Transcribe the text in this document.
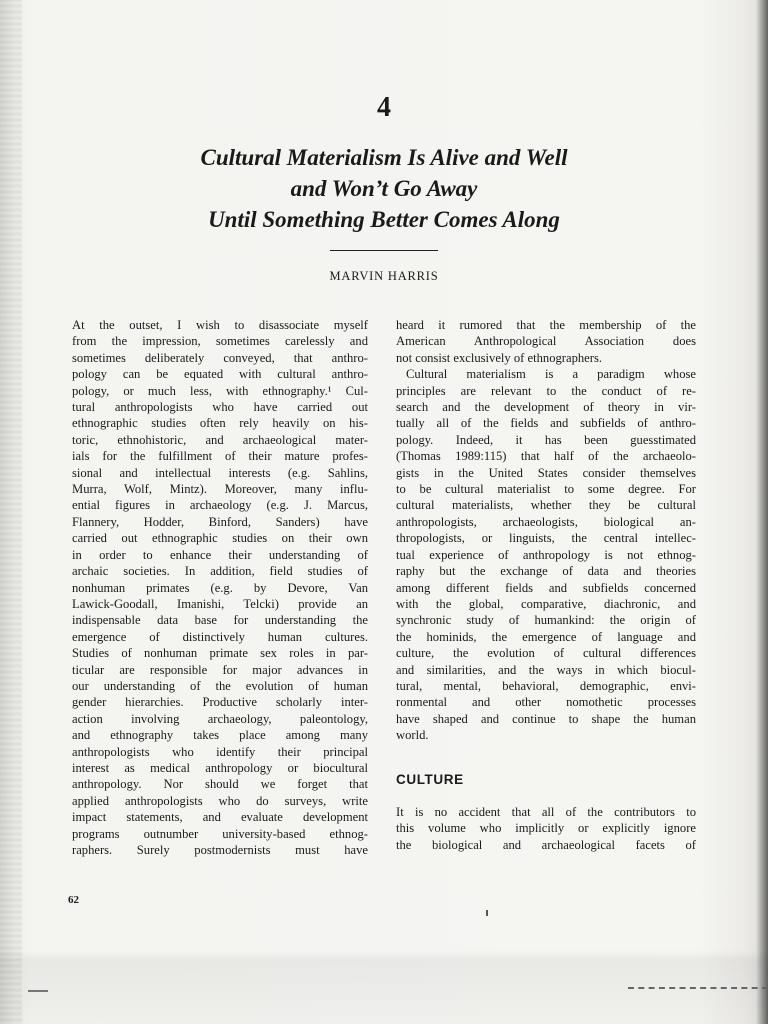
4
Cultural Materialism Is Alive and Well
and Won’t Go Away
Until Something Better Comes Along
MARVIN HARRIS
At the outset, I wish to disassociate myself
from the impression, sometimes carelessly and
sometimes deliberately conveyed, that anthro-
pology can be equated with cultural anthro-
pology, or much less, with ethnography.¹ Cul-
tural anthropologists who have carried out
ethnographic studies often rely heavily on his-
toric, ethnohistoric, and archaeological mater-
ials for the fulfillment of their mature profes-
sional and intellectual interests (e.g. Sahlins,
Murra, Wolf, Mintz). Moreover, many influ-
ential figures in archaeology (e.g. J. Marcus,
Flannery, Hodder, Binford, Sanders) have
carried out ethnographic studies on their own
in order to enhance their understanding of
archaic societies. In addition, field studies of
nonhuman primates (e.g. by Devore, Van
Lawick-Goodall, Imanishi, Telcki) provide an
indispensable data base for understanding the
emergence of distinctively human cultures.
Studies of nonhuman primate sex roles in par-
ticular are responsible for major advances in
our understanding of the evolution of human
gender hierarchies. Productive scholarly inter-
action involving archaeology, paleontology,
and ethnography takes place among many
anthropologists who identify their principal
interest as medical anthropology or biocultural
anthropology. Nor should we forget that
applied anthropologists who do surveys, write
impact statements, and evaluate development
programs outnumber university-based ethnog-
raphers. Surely postmodernists must have
heard it rumored that the membership of the
American Anthropological Association does
not consist exclusively of ethnographers.
Cultural materialism is a paradigm whose
principles are relevant to the conduct of re-
search and the development of theory in vir-
tually all of the fields and subfields of anthro-
pology. Indeed, it has been guesstimated
(Thomas 1989:115) that half of the archaeolo-
gists in the United States consider themselves
to be cultural materialist to some degree. For
cultural materialists, whether they be cultural
anthropologists, archaeologists, biological an-
thropologists, or linguists, the central intellec-
tual experience of anthropology is not ethnog-
raphy but the exchange of data and theories
among different fields and subfields concerned
with the global, comparative, diachronic, and
synchronic study of humankind: the origin of
the hominids, the emergence of language and
culture, the evolution of cultural differences
and similarities, and the ways in which biocul-
tural, mental, behavioral, demographic, envi-
ronmental and other nomothetic processes
have shaped and continue to shape the human
world.
CULTURE
It is no accident that all of the contributors to
this volume who implicitly or explicitly ignore
the biological and archaeological facets of
62
